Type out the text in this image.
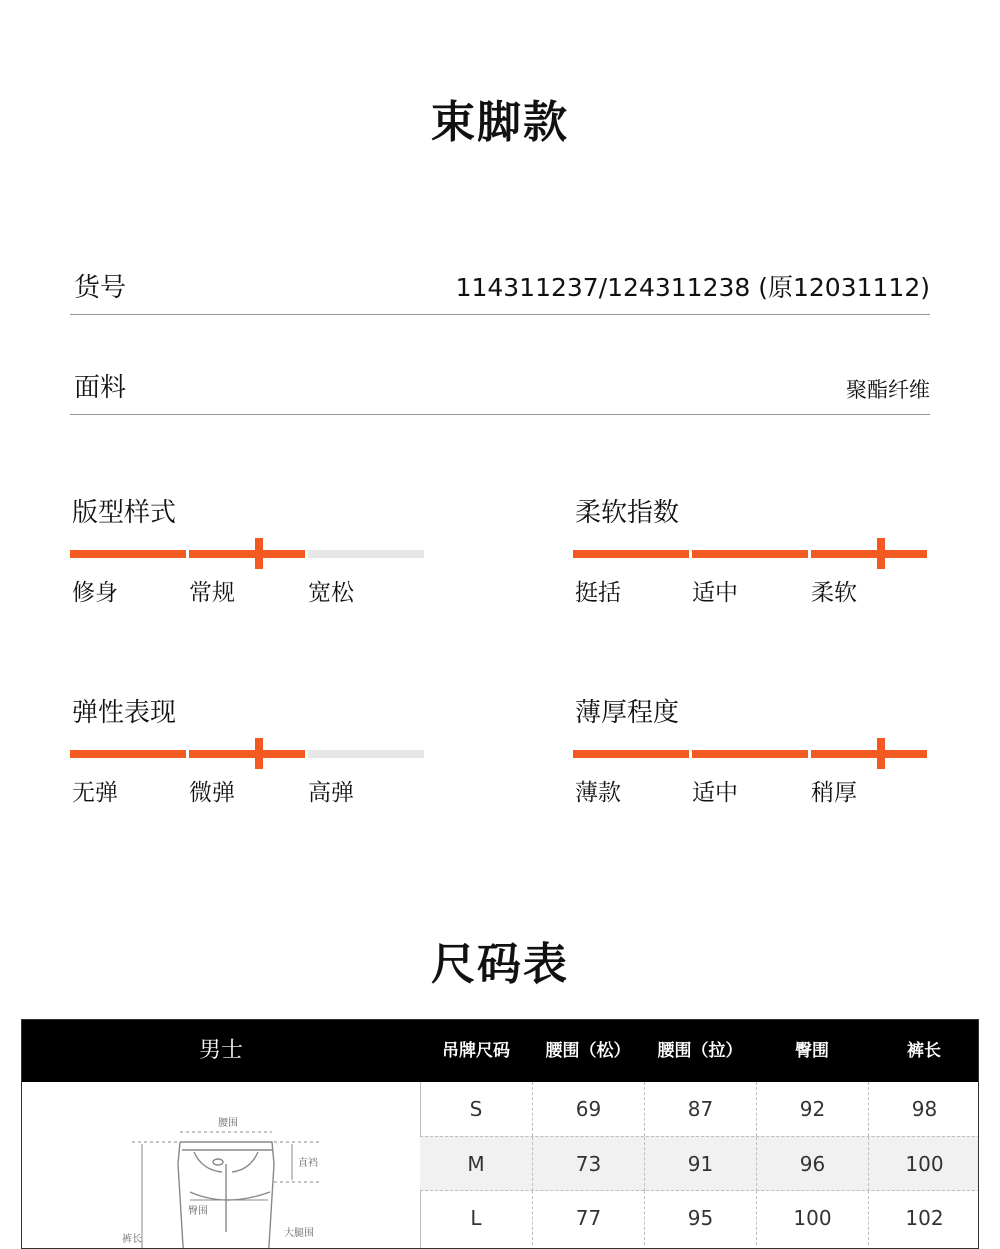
束脚款
货号	114311237/124311238 (原12031112)
面料	聚酯纤维
版型样式
修身	常规	宽松
柔软指数
挺括	适中	柔软
弹性表现
无弹	微弹	高弹
薄厚程度
薄款	适中	稍厚
尺码表
男士	吊牌尺码	腰围（松）	腰围（拉）	臀围	裤长
腰围
直裆
臀围
大腿围
裤长
S	69	87	92	98
M	73	91	96	100
L	77	95	100	102
